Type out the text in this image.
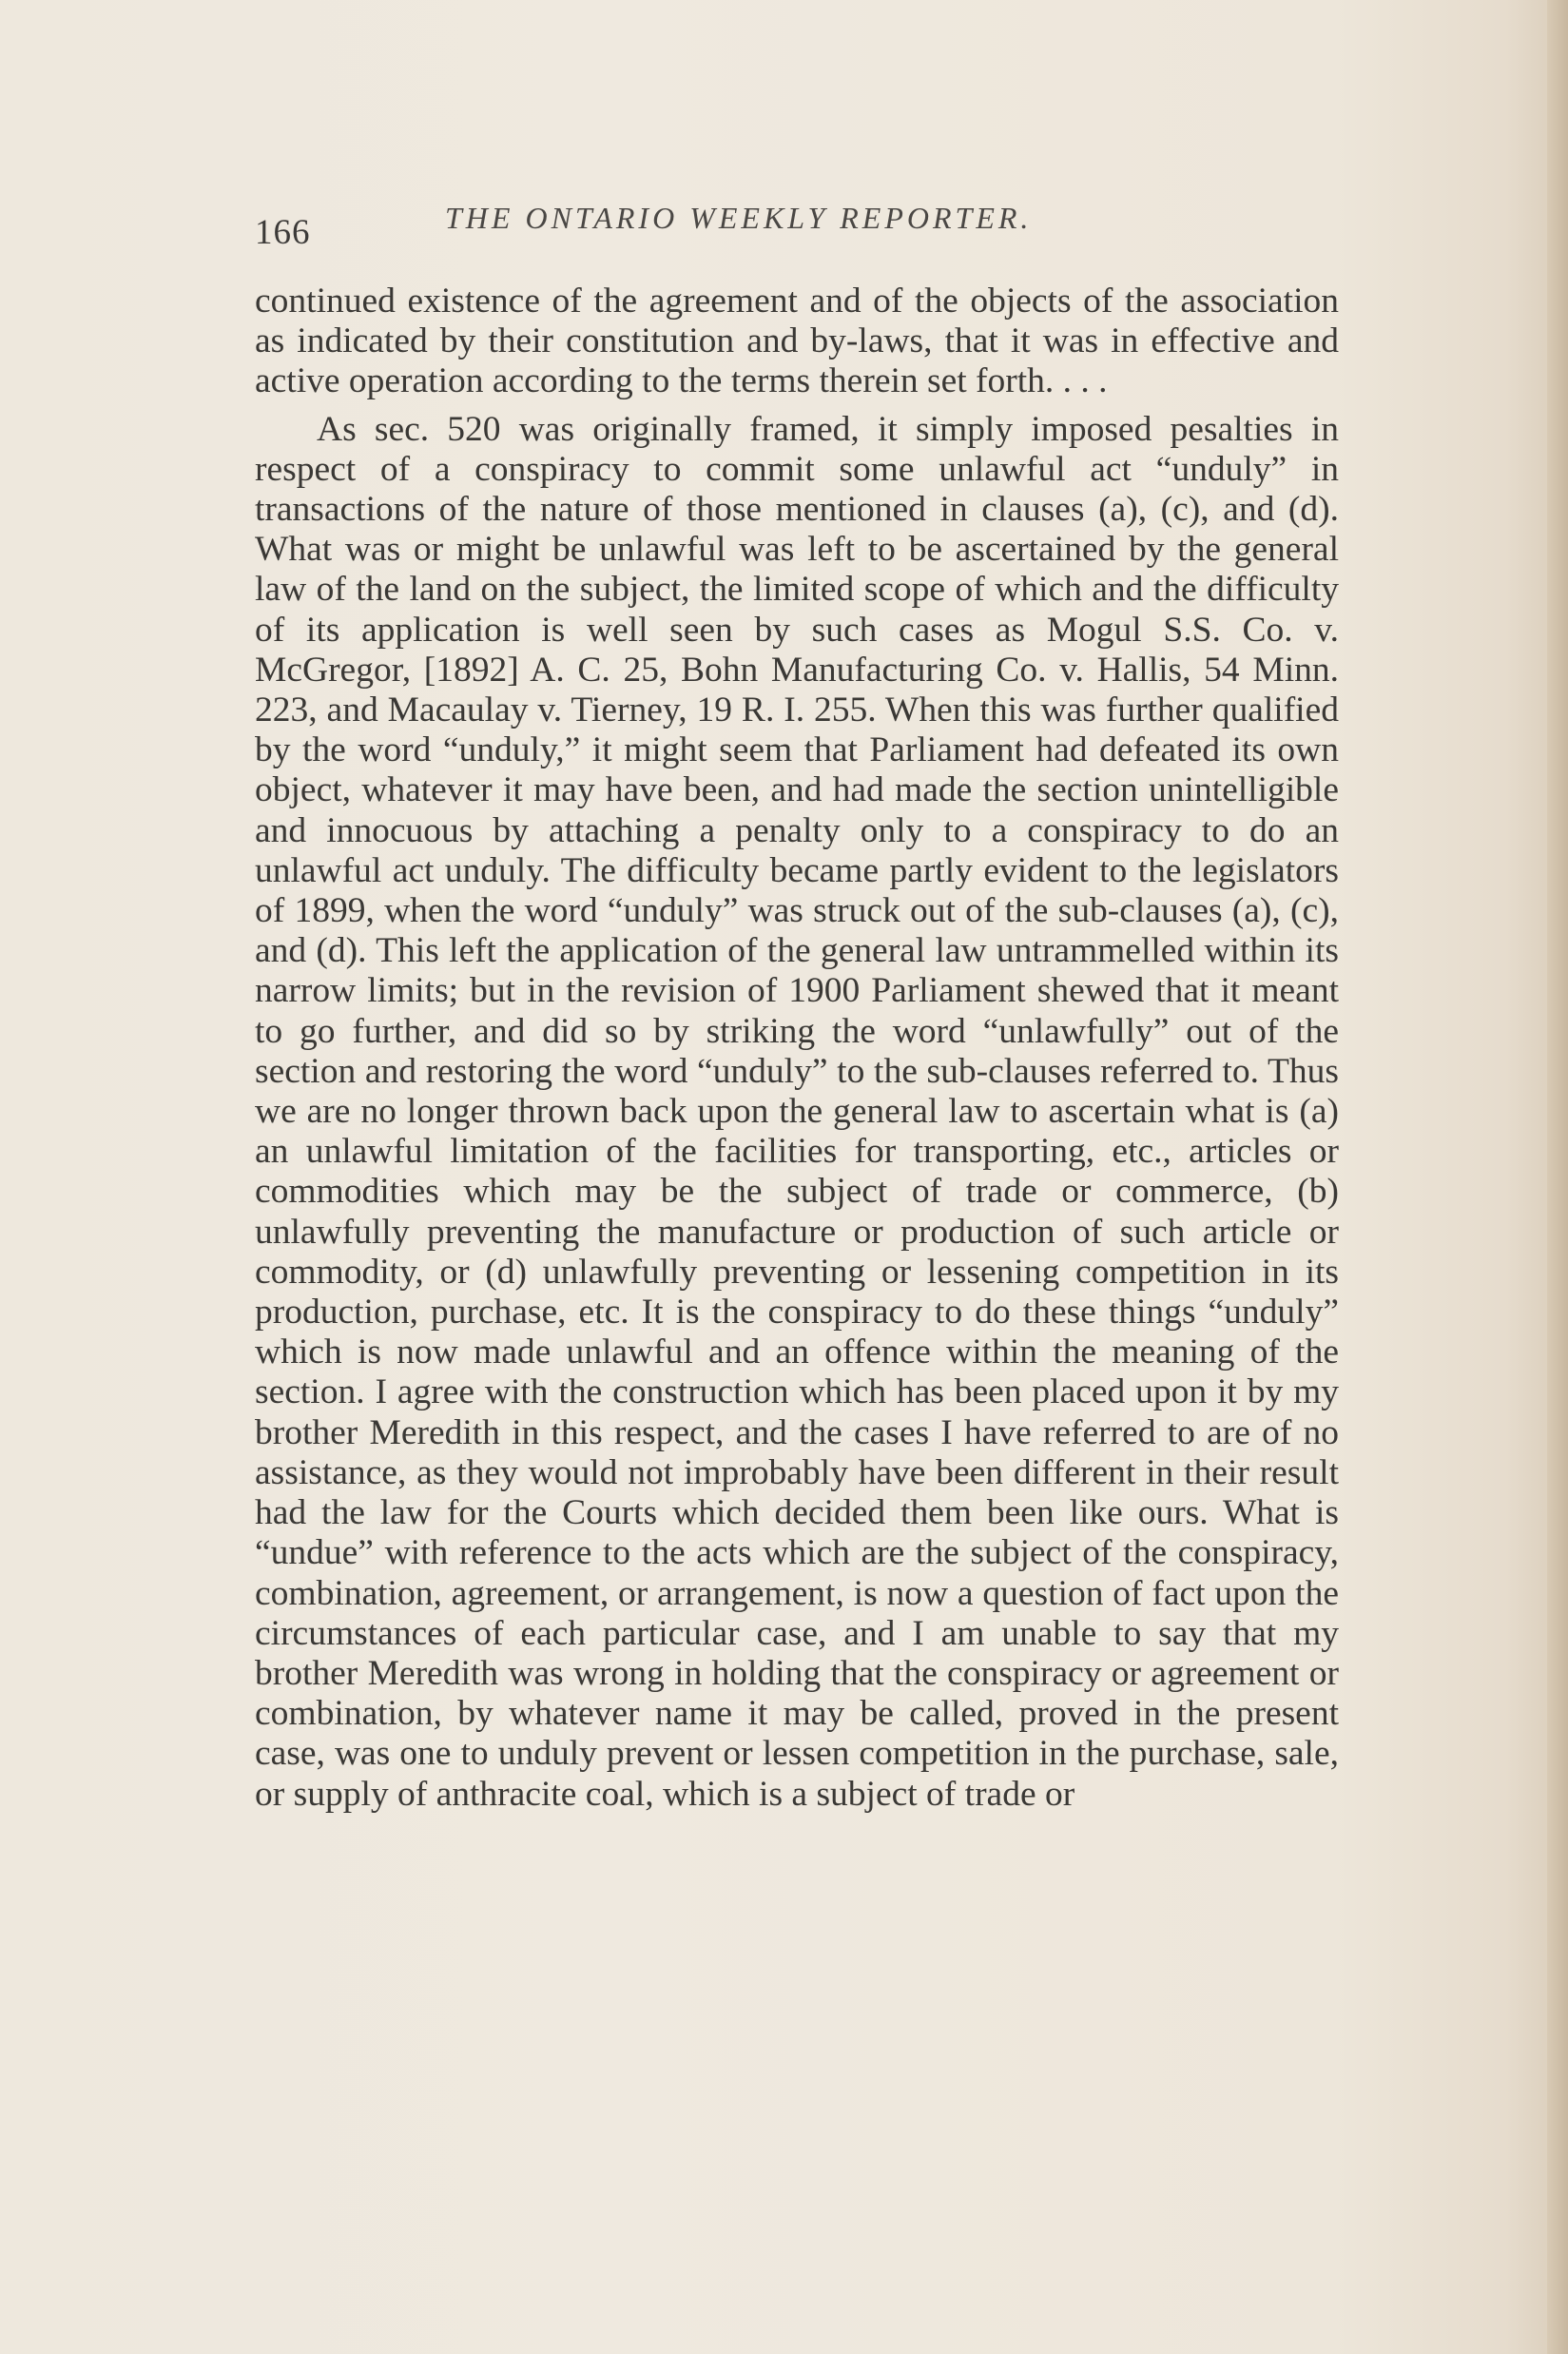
166	THE ONTARIO WEEKLY REPORTER.

continued existence of the agreement and of the objects of the association as indicated by their constitution and by-laws, that it was in effective and active operation according to the terms therein set forth. . . .

As sec. 520 was originally framed, it simply imposed pesalties in respect of a conspiracy to commit some unlawful act “unduly” in transactions of the nature of those mentioned in clauses (a), (c), and (d). What was or might be unlawful was left to be ascertained by the general law of the land on the subject, the limited scope of which and the difficulty of its application is well seen by such cases as Mogul S.S. Co. v. McGregor, [1892] A. C. 25, Bohn Manufacturing Co. v. Hallis, 54 Minn. 223, and Macaulay v. Tierney, 19 R. I. 255. When this was further qualified by the word “unduly,” it might seem that Parliament had defeated its own object, whatever it may have been, and had made the section unintelligible and innocuous by attaching a penalty only to a conspiracy to do an unlawful act unduly. The difficulty became partly evident to the legislators of 1899, when the word “unduly” was struck out of the sub-clauses (a), (c), and (d). This left the application of the general law untrammelled within its narrow limits; but in the revision of 1900 Parliament shewed that it meant to go further, and did so by striking the word “unlawfully” out of the section and restoring the word “unduly” to the sub-clauses referred to. Thus we are no longer thrown back upon the general law to ascertain what is (a) an unlawful limitation of the facilities for transporting, etc., articles or commodities which may be the subject of trade or commerce, (b) unlawfully preventing the manufacture or production of such article or commodity, or (d) unlawfully preventing or lessening competition in its production, purchase, etc. It is the conspiracy to do these things “unduly” which is now made unlawful and an offence within the meaning of the section. I agree with the construction which has been placed upon it by my brother Meredith in this respect, and the cases I have referred to are of no assistance, as they would not improbably have been different in their result had the law for the Courts which decided them been like ours. What is “undue” with reference to the acts which are the subject of the conspiracy, combination, agreement, or arrangement, is now a question of fact upon the circumstances of each particular case, and I am unable to say that my brother Meredith was wrong in holding that the conspiracy or agreement or combination, by whatever name it may be called, proved in the present case, was one to unduly prevent or lessen competition in the purchase, sale, or supply of anthracite coal, which is a subject of trade or
